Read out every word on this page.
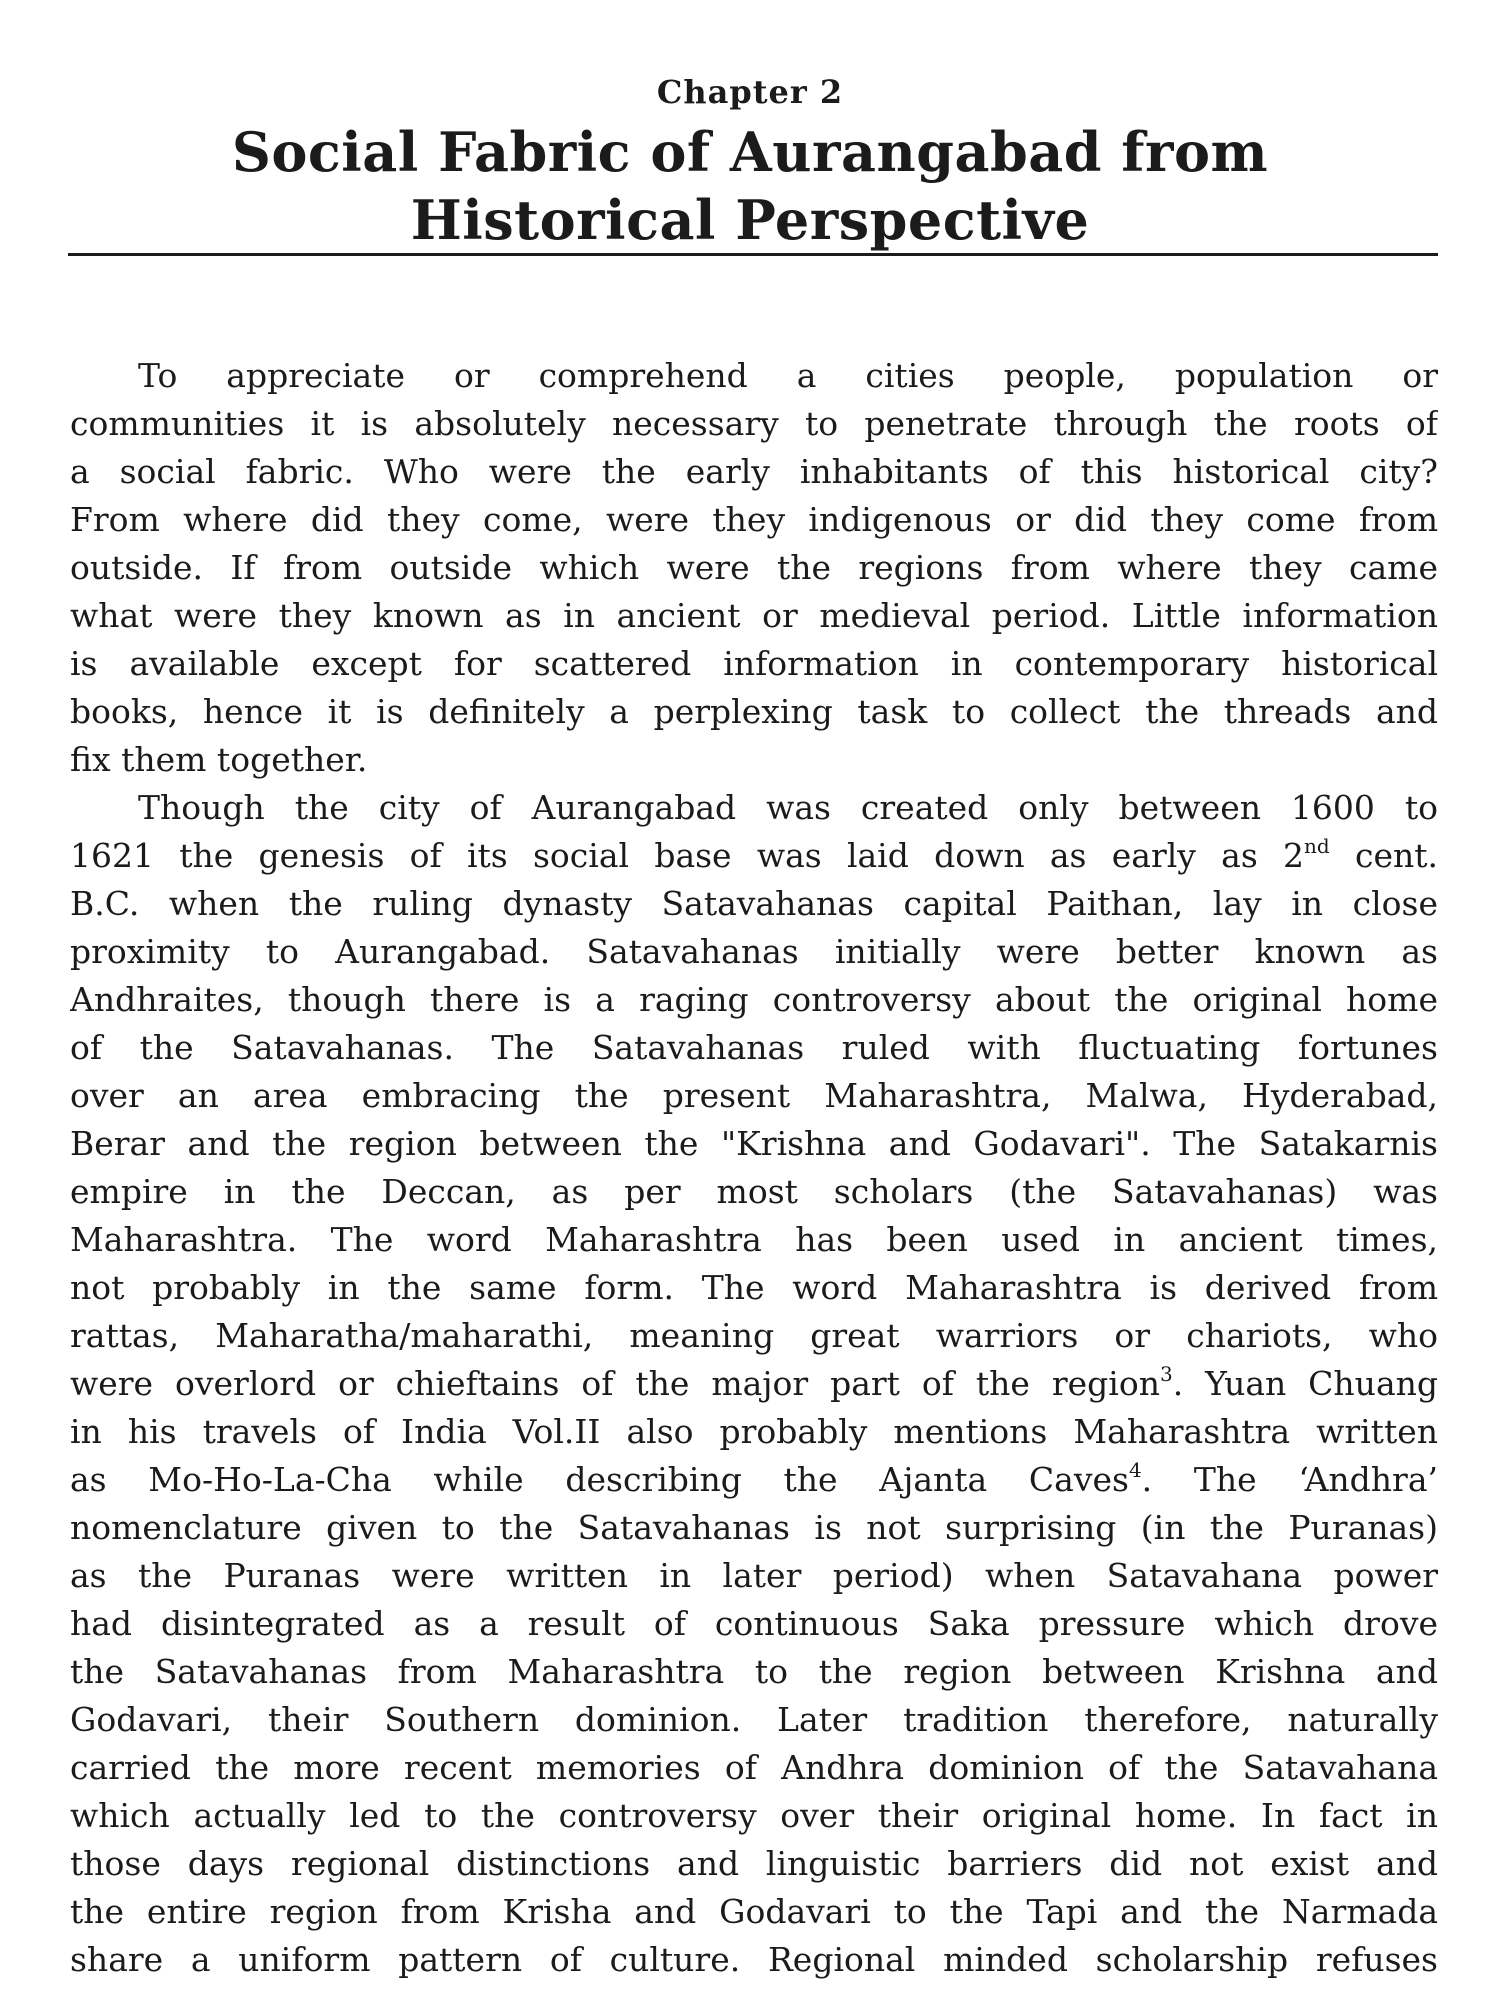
Chapter 2
Social Fabric of Aurangabad from
Historical Perspective
To appreciate or comprehend a cities people, population or
communities it is absolutely necessary to penetrate through the roots of
a social fabric. Who were the early inhabitants of this historical city?
From where did they come, were they indigenous or did they come from
outside. If from outside which were the regions from where they came
what were they known as in ancient or medieval period. Little information
is available except for scattered information in contemporary historical
books, hence it is definitely a perplexing task to collect the threads and
fix them together.
Though the city of Aurangabad was created only between 1600 to
1621 the genesis of its social base was laid down as early as 2nd cent.
B.C. when the ruling dynasty Satavahanas capital Paithan, lay in close
proximity to Aurangabad. Satavahanas initially were better known as
Andhraites, though there is a raging controversy about the original home
of the Satavahanas. The Satavahanas ruled with fluctuating fortunes
over an area embracing the present Maharashtra, Malwa, Hyderabad,
Berar and the region between the "Krishna and Godavari". The Satakarnis
empire in the Deccan, as per most scholars (the Satavahanas) was
Maharashtra. The word Maharashtra has been used in ancient times,
not probably in the same form. The word Maharashtra is derived from
rattas, Maharatha/maharathi, meaning great warriors or chariots, who
were overlord or chieftains of the major part of the region$^3$. Yuan Chuang
in his travels of India Vol.II also probably mentions Maharashtra written
as Mo-Ho-La-Cha while describing the Ajanta Caves$^4$. The ‘Andhra’
nomenclature given to the Satavahanas is not surprising (in the Puranas)
as the Puranas were written in later period) when Satavahana power
had disintegrated as a result of continuous Saka pressure which drove
the Satavahanas from Maharashtra to the region between Krishna and
Godavari, their Southern dominion. Later tradition therefore, naturally
carried the more recent memories of Andhra dominion of the Satavahana
which actually led to the controversy over their original home. In fact in
those days regional distinctions and linguistic barriers did not exist and
the entire region from Krisha and Godavari to the Tapi and the Narmada
share a uniform pattern of culture. Regional minded scholarship refuses
